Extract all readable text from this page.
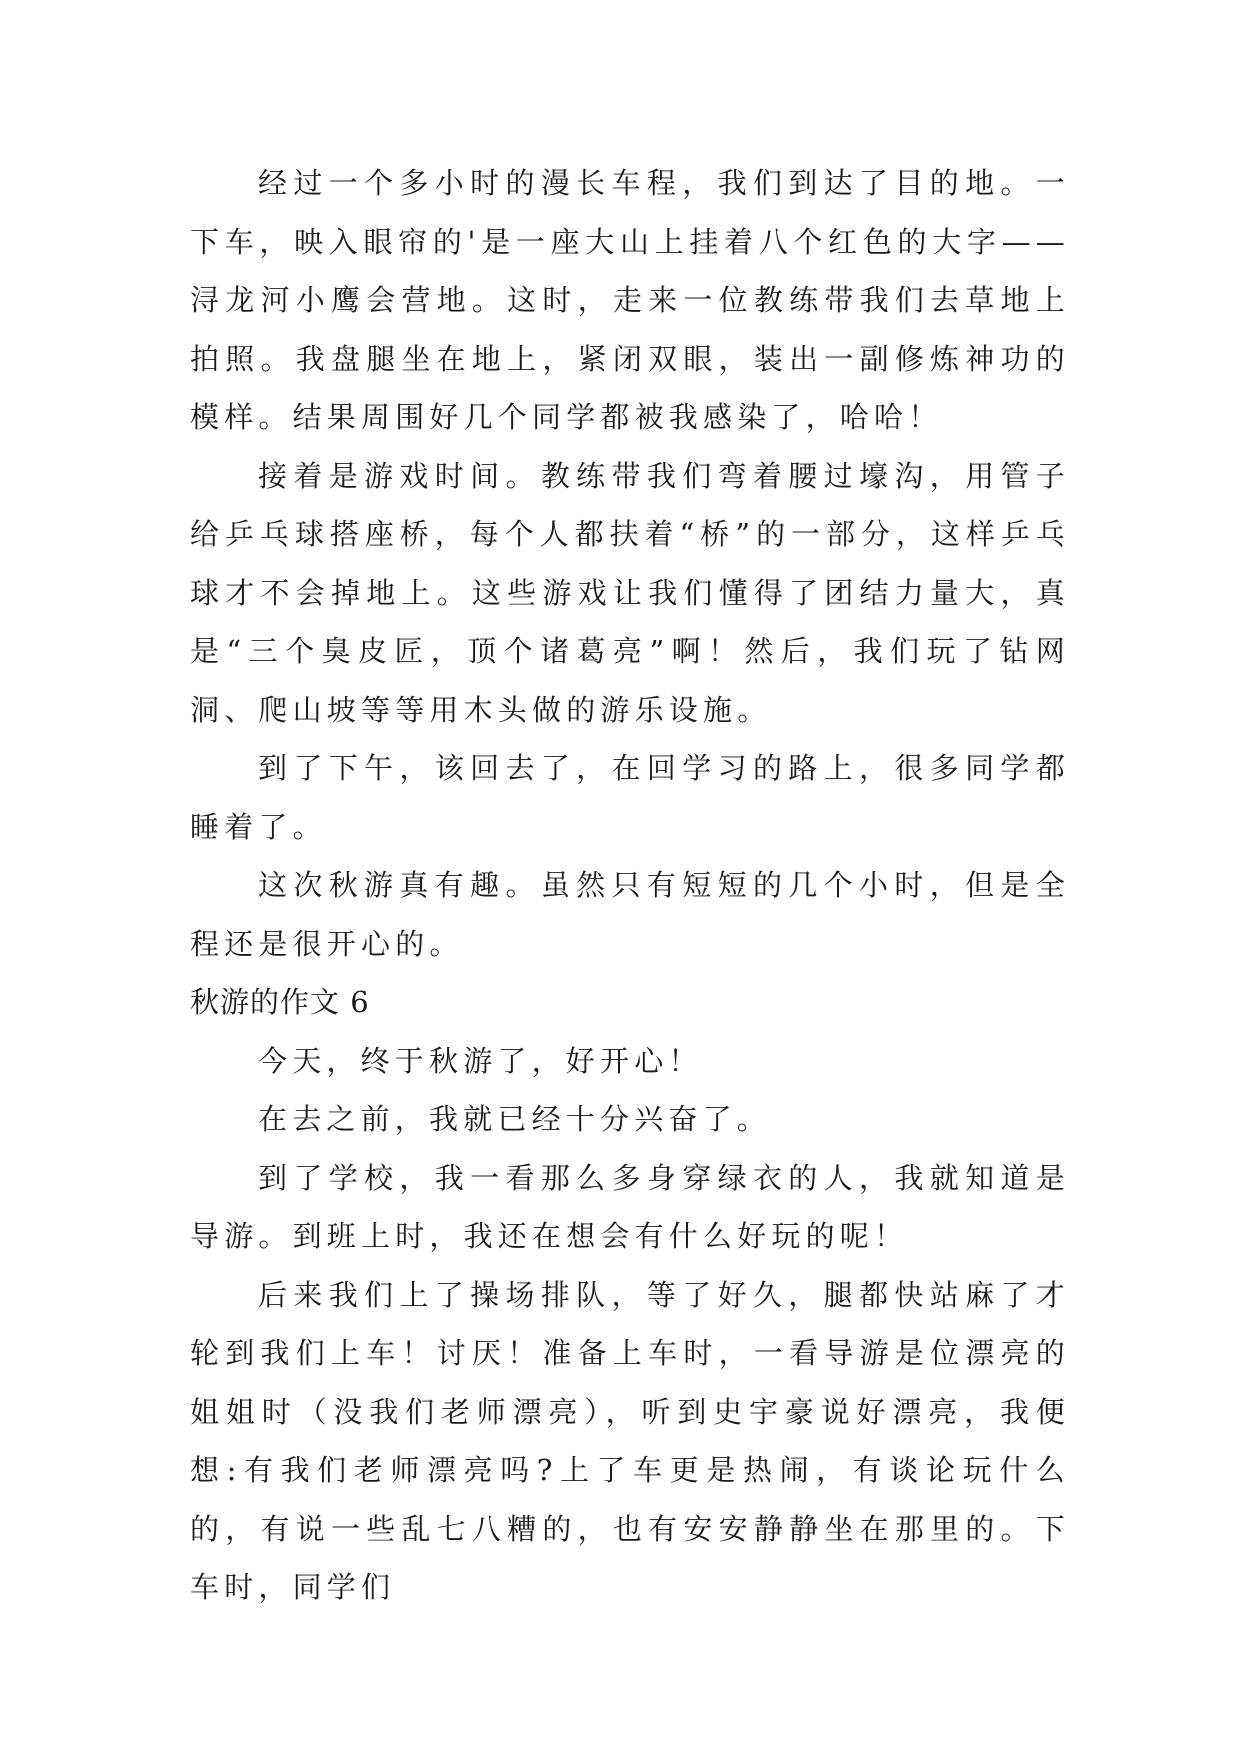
经过一个多小时的漫长车程，我们到达了目的地。一下车，映入眼帘的'是一座大山上挂着八个红色的大字——浔龙河小鹰会营地。这时，走来一位教练带我们去草地上拍照。我盘腿坐在地上，紧闭双眼，装出一副修炼神功的模样。结果周围好几个同学都被我感染了，哈哈！

接着是游戏时间。教练带我们弯着腰过壕沟，用管子给乒乓球搭座桥，每个人都扶着“桥”的一部分，这样乒乓球才不会掉地上。这些游戏让我们懂得了团结力量大，真是“三个臭皮匠，顶个诸葛亮”啊！然后，我们玩了钻网洞、爬山坡等等用木头做的游乐设施。

到了下午，该回去了，在回学习的路上，很多同学都睡着了。

这次秋游真有趣。虽然只有短短的几个小时，但是全程还是很开心的。

秋游的作文 6

今天，终于秋游了，好开心！

在去之前，我就已经十分兴奋了。

到了学校，我一看那么多身穿绿衣的人，我就知道是导游。到班上时，我还在想会有什么好玩的呢！

后来我们上了操场排队，等了好久，腿都快站麻了才轮到我们上车！讨厌！准备上车时，一看导游是位漂亮的姐姐时（没我们老师漂亮），听到史宇豪说好漂亮，我便想:有我们老师漂亮吗?上了车更是热闹，有谈论玩什么的，有说一些乱七八糟的，也有安安静静坐在那里的。下车时，同学们
